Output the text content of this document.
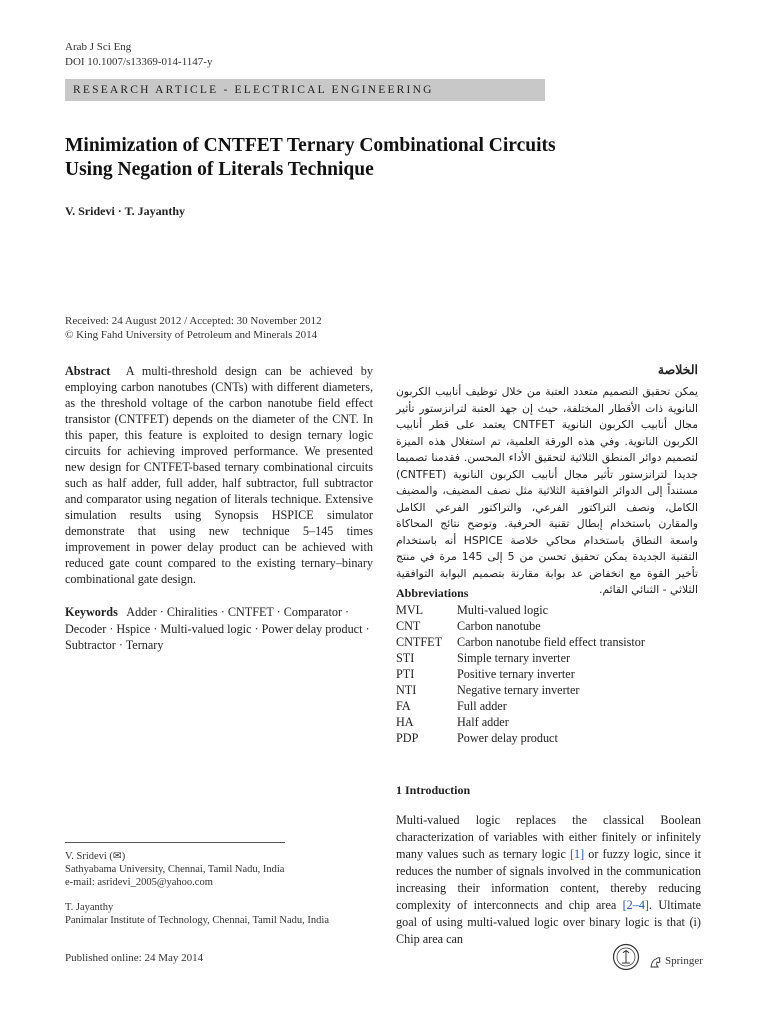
Arab J Sci Eng
DOI 10.1007/s13369-014-1147-y
RESEARCH ARTICLE - ELECTRICAL ENGINEERING
Minimization of CNTFET Ternary Combinational Circuits
Using Negation of Literals Technique
V. Sridevi · T. Jayanthy
Received: 24 August 2012 / Accepted: 30 November 2012
© King Fahd University of Petroleum and Minerals 2014
Abstract A multi-threshold design can be achieved by employing carbon nanotubes (CNTs) with different diameters, as the threshold voltage of the carbon nanotube field effect transistor (CNTFET) depends on the diameter of the CNT. In this paper, this feature is exploited to design ternary logic circuits for achieving improved performance. We presented new design for CNTFET-based ternary combinational circuits such as half adder, full adder, half subtractor, full subtractor and comparator using negation of literals technique. Extensive simulation results using Synopsis HSPICE simulator demonstrate that using new technique 5–145 times improvement in power delay product can be achieved with reduced gate count compared to the existing ternary–binary combinational gate design.
Keywords Adder · Chiralities · CNTFET · Comparator · Decoder · Hspice · Multi-valued logic · Power delay product · Subtractor · Ternary
الخلاصة
يمكن تحقيق التصميم متعدد العتبة من خلال توظيف أنابيب الكربون النانوية ذات الأقطار المختلفة، حيث إن جهد العتبة لترانزستور تأثير مجال أنابيب الكربون النانوية CNTFET يعتمد على قطر أنابيب الكربون النانوية. وفي هذه الورقة العلمية، تم استغلال هذه الميزة لتصميم دوائر المنطق الثلاثية لتحقيق الأداء المحسن. فقدمنا تصميما جديدا لترانزستور تأثير مجال أنابيب الكربون النانوية (CNTFET) مستنداً إلى الدوائر التوافقية الثلاثية مثل نصف المضيف، والمضيف الكامل، ونصف التراكتور الفرعي، والتراكتور الفرعي الكامل والمقارن باستخدام إبطال تقنية الحرفية. وتوضح نتائج المحاكاة واسعة النطاق باستخدام محاكي خلاصة HSPICE أنه باستخدام التقنية الجديدة يمكن تحقيق تحسن من 5 إلى 145 مرة في منتج تأخير القوة مع انخفاض عد بوابة مقارنة بتصميم البوابة التوافقية الثلاثي - الثنائي القائم.
Abbreviations
MVL	Multi-valued logic
CNT	Carbon nanotube
CNTFET	Carbon nanotube field effect transistor
STI	Simple ternary inverter
PTI	Positive ternary inverter
NTI	Negative ternary inverter
FA	Full adder
HA	Half adder
PDP	Power delay product
1 Introduction
Multi-valued logic replaces the classical Boolean characterization of variables with either finitely or infinitely many values such as ternary logic [1] or fuzzy logic, since it reduces the number of signals involved in the communication increasing their information content, thereby reducing complexity of interconnects and chip area [2–4]. Ultimate goal of using multi-valued logic over binary logic is that (i) Chip area can
V. Sridevi (✉)
Sathyabama University, Chennai, Tamil Nadu, India
e-mail: asridevi_2005@yahoo.com
T. Jayanthy
Panimalar Institute of Technology, Chennai, Tamil Nadu, India
Published online: 24 May 2014	Springer
